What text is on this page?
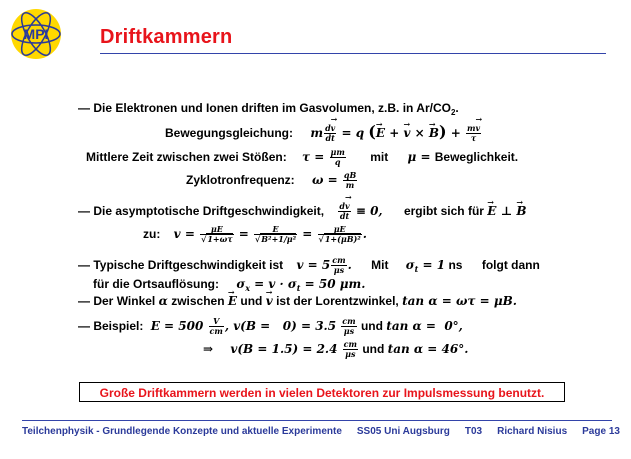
MPI	Driftkammern
— Die Elektronen und Ionen driften im Gasvolumen, z.B. in $Ar/CO_2$.
Bewegungsgleichung: m $\frac{d\to v}{dt} = q$ (→ E + → v × → $B) + \frac{m\to v}{\tau}$
Mittlere Zeit zwischen zwei Stößen: $\tau = \frac{\mu m}{q}$ mit μ = Beweglichkeit.
Zyklotronfrequenz: $\omega = \frac{qB}{m}$
— Die asymptotische Driftgeschwindigkeit, $\frac{d\to v}{dt} \equiv 0$, ergibt sich für → E ⊥ → B
zu: $v = \frac{\mu E}{√1+\omega\tau} = \frac{E}{\text{√B²+1/μ²}} = \frac{\mu E}{\text{√1+(μB)²}}$ .
— Typische Driftgeschwindigkeit ist $v = 5 \frac{cm}{\mu s}$ . Mit $\sigma_t = 1$ ns folgt dann
für die Ortsauflösung: $\sigma_x = v \cdot \sigma_t = 50$ μm.
— Der Winkel α zwischen → E und → v ist der Lorentzwinkel, tan α = ωτ = μB.
— Beispiel: $E = 500 \frac{V}{cm}$ , $v(B = 0) = 3.5 \frac{cm}{\mu s}$ und tan α =  0°,
⇒ $v(B = 1.5) = 2.4 \frac{cm}{\mu s}$ und tan α = 46°.
Große Driftkammern werden in vielen Detektoren zur Impulsmessung benutzt.
Teilchenphysik - Grundlegende Konzepte und aktuelle Experimente SS05 Uni Augsburg T03 Richard Nisius Page 13
